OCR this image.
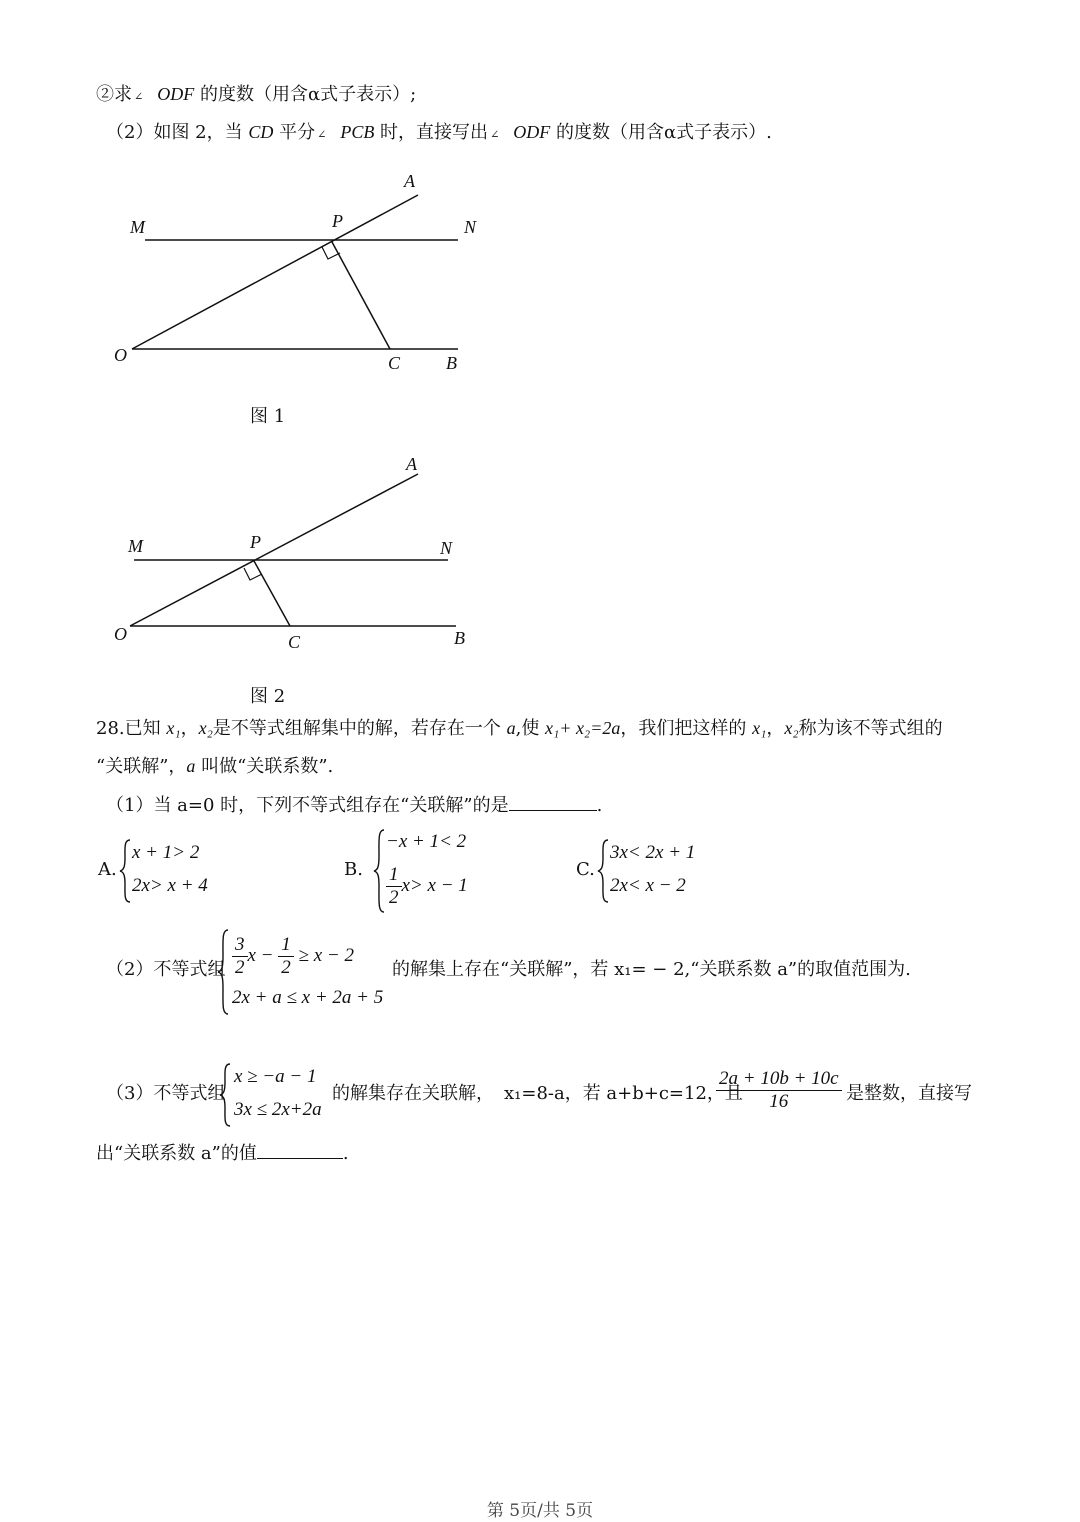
②求 ∠ ODF 的度数（用含α式子表示）;
（2）如图 2，当 CD 平分 ∠ PCB 时，直接写出 ∠ ODF 的度数（用含α式子表示）.
A
M	P	N
O	C	B
图 1
A
M	P	N
O	C	B
图 2
28.已知 x₁，x₂是不等式组解集中的解，若存在一个 a,使 x₁+ x₂=2a，我们把这样的 x₁，x₂称为该不等式组的
“关联解”，a 叫做“关联系数”.
（1）当 a=0 时，下列不等式组存在“关联解”的是	.
A.
x + 1> 2
2x> x + 4
B.
−x + 1< 2
$\frac{1}{2} x> x - 1$
C.
3x< 2x + 1
2x< x − 2
（2）不等式组 $\frac{3}{2}$ $x - \frac{1}{2} \ge x - 2$
2x + a ≤ x + 2a + 5
的解集上存在“关联解”，若 x₁= − 2,“关联系数 a”的取值范围为.
（3）不等式组
x ≥ −a − 1
3x ≤ 2x+2a
的解集存在关联解， x₁=8-a，若 a+b+c=12，且
$\frac{2a + 10b + 10c}{16}$ 是整数，直接写
出“关联系数 a”的值	.
第 5页/共 5页
